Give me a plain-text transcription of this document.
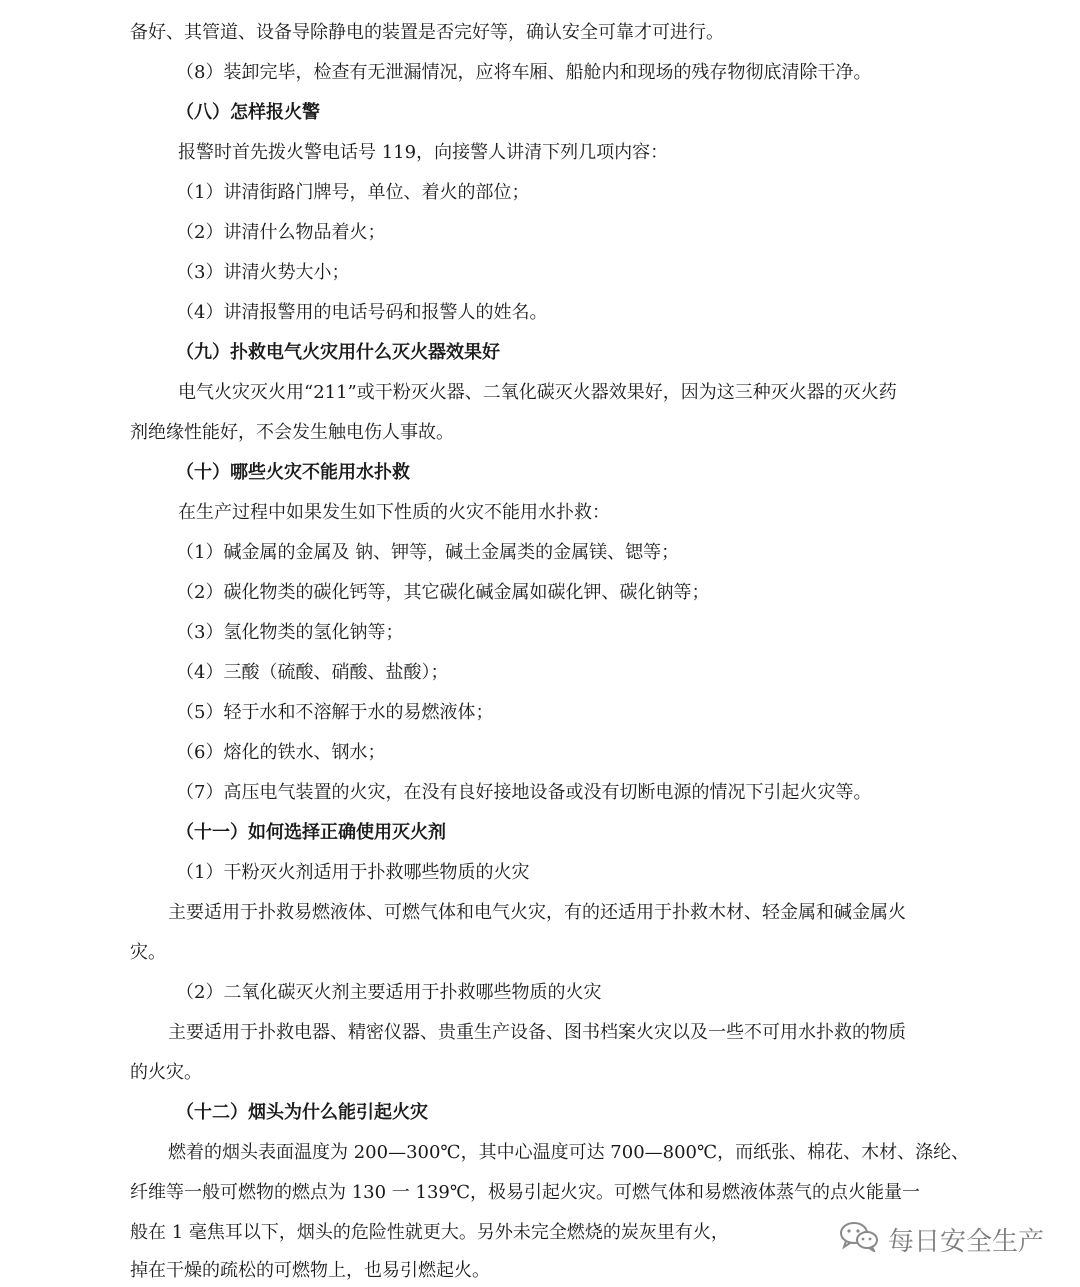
备好、其管道、设备导除静电的装置是否完好等，确认安全可靠才可进行。
（8）装卸完毕，检查有无泄漏情况，应将车厢、船舱内和现场的残存物彻底清除干净。
（八）怎样报火警
报警时首先拨火警电话号 119，向接警人讲清下列几项内容：
（1）讲清街路门牌号，单位、着火的部位；
（2）讲清什么物品着火；
（3）讲清火势大小；
（4）讲清报警用的电话号码和报警人的姓名。
（九）扑救电气火灾用什么灭火器效果好
电气火灾灭火用“211”或干粉灭火器、二氧化碳灭火器效果好，因为这三种灭火器的灭火药
剂绝缘性能好，不会发生触电伤人事故。
（十）哪些火灾不能用水扑救
在生产过程中如果发生如下性质的火灾不能用水扑救：
（1）碱金属的金属及 钠、钾等，碱土金属类的金属镁、锶等；
（2）碳化物类的碳化钙等，其它碳化碱金属如碳化钾、碳化钠等；
（3）氢化物类的氢化钠等；
（4）三酸（硫酸、硝酸、盐酸）；
（5）轻于水和不溶解于水的易燃液体；
（6）熔化的铁水、钢水；
（7）高压电气装置的火灾，在没有良好接地设备或没有切断电源的情况下引起火灾等。
（十一）如何选择正确使用灭火剂
（1）干粉灭火剂适用于扑救哪些物质的火灾
主要适用于扑救易燃液体、可燃气体和电气火灾，有的还适用于扑救木材、轻金属和碱金属火
灾。
（2）二氧化碳灭火剂主要适用于扑救哪些物质的火灾
主要适用于扑救电器、精密仪器、贵重生产设备、图书档案火灾以及一些不可用水扑救的物质
的火灾。
（十二）烟头为什么能引起火灾
燃着的烟头表面温度为 200—300℃，其中心温度可达 700—800℃，而纸张、棉花、木材、涤纶、
纤维等一般可燃物的燃点为 130 一 139℃，极易引起火灾。可燃气体和易燃液体蒸气的点火能量一
般在 1 毫焦耳以下，烟头的危险性就更大。另外未完全燃烧的炭灰里有火，
掉在干燥的疏松的可燃物上，也易引燃起火。
每日安全生产
